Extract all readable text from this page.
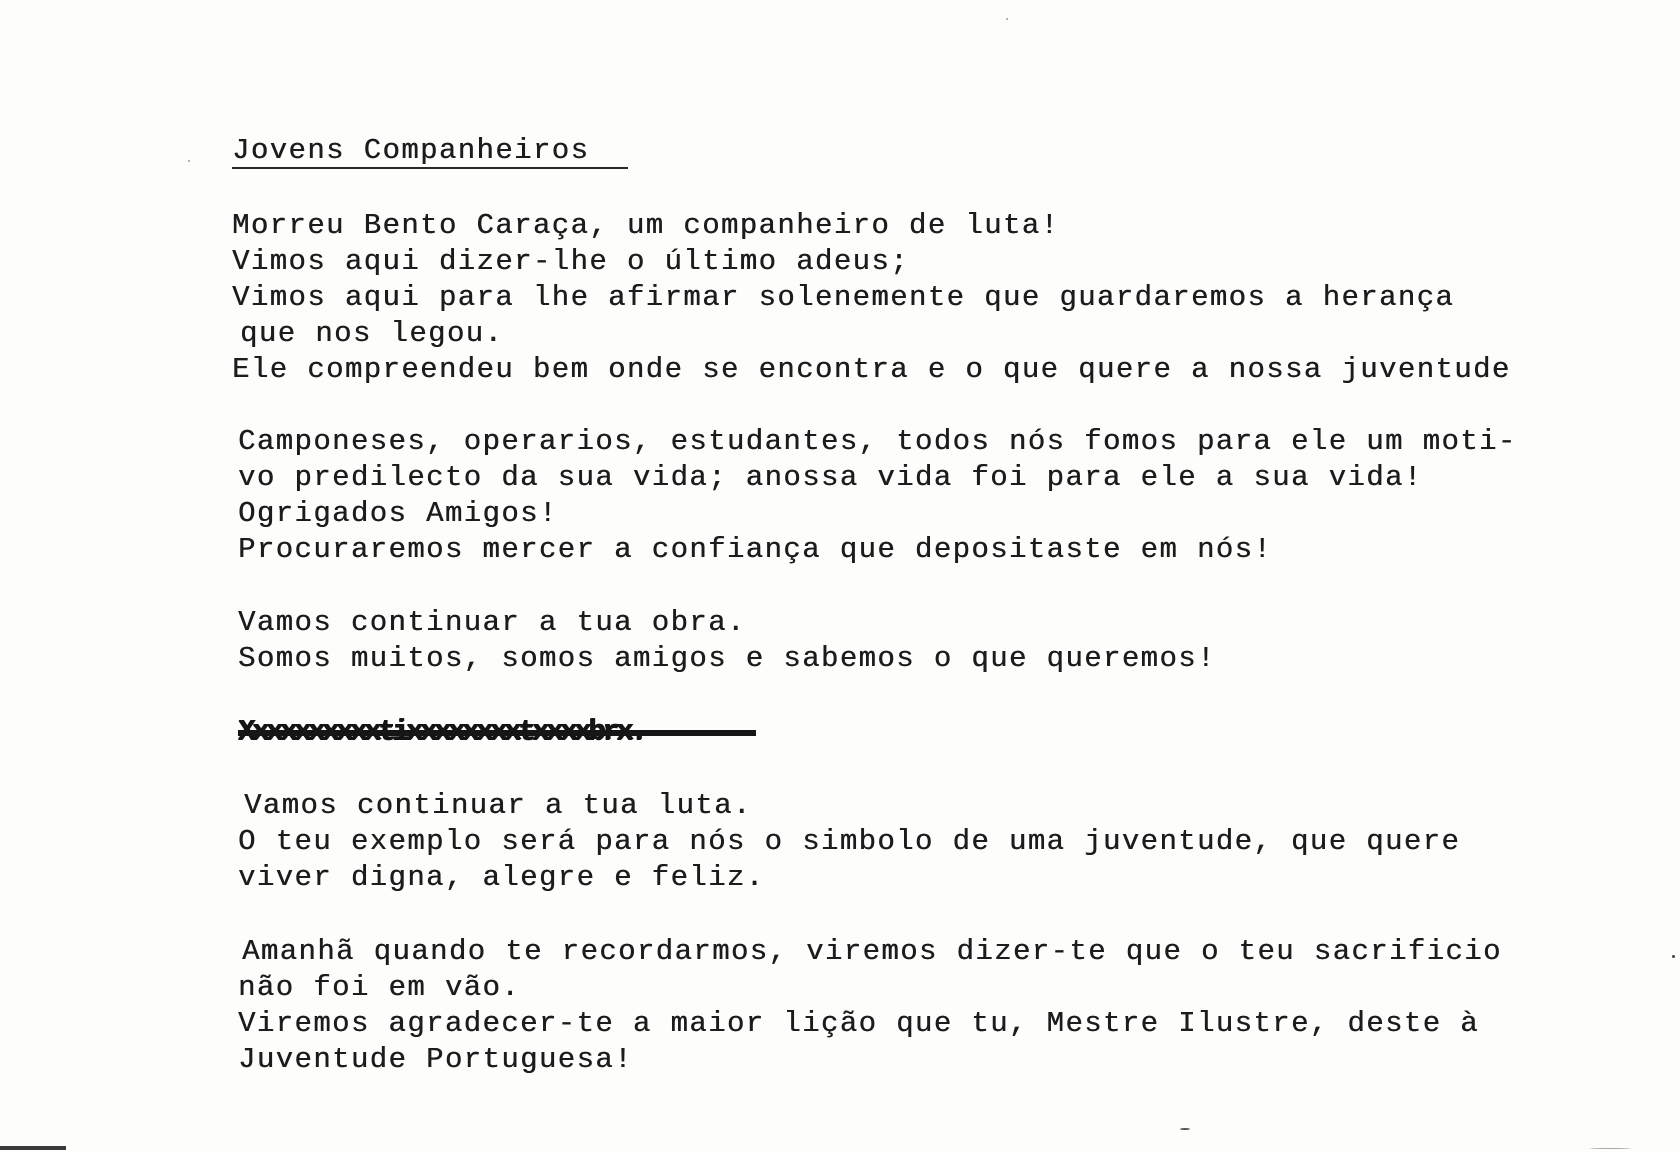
Jovens Companheiros
Morreu Bento Caraça, um companheiro de luta!
Vimos aqui dizer-lhe o último adeus;
Vimos aqui para lhe afirmar solenemente que guardaremos a herança
que nos legou.
Ele compreendeu bem onde se encontra e o que quere a nossa juventude
Camponeses, operarios, estudantes, todos nós fomos para ele um moti-
vo predilecto da sua vida; anossa vida foi para ele a sua vida!
Ogrigados Amigos!
Procuraremos mercer a confiança que depositaste em nós!
Vamos continuar a tua obra.
Somos muitos, somos amigos e sabemos o que queremos!
Vamos continuar a tua luta.
O teu exemplo será para nós o simbolo de uma juventude, que quere
viver digna, alegre e feliz.
Amanhã quando te recordarmos, viremos dizer-te que o teu sacrificio
não foi em vão.
Viremos agradecer-te a maior lição que tu, Mestre Ilustre, deste à
Juventude Portuguesa!
